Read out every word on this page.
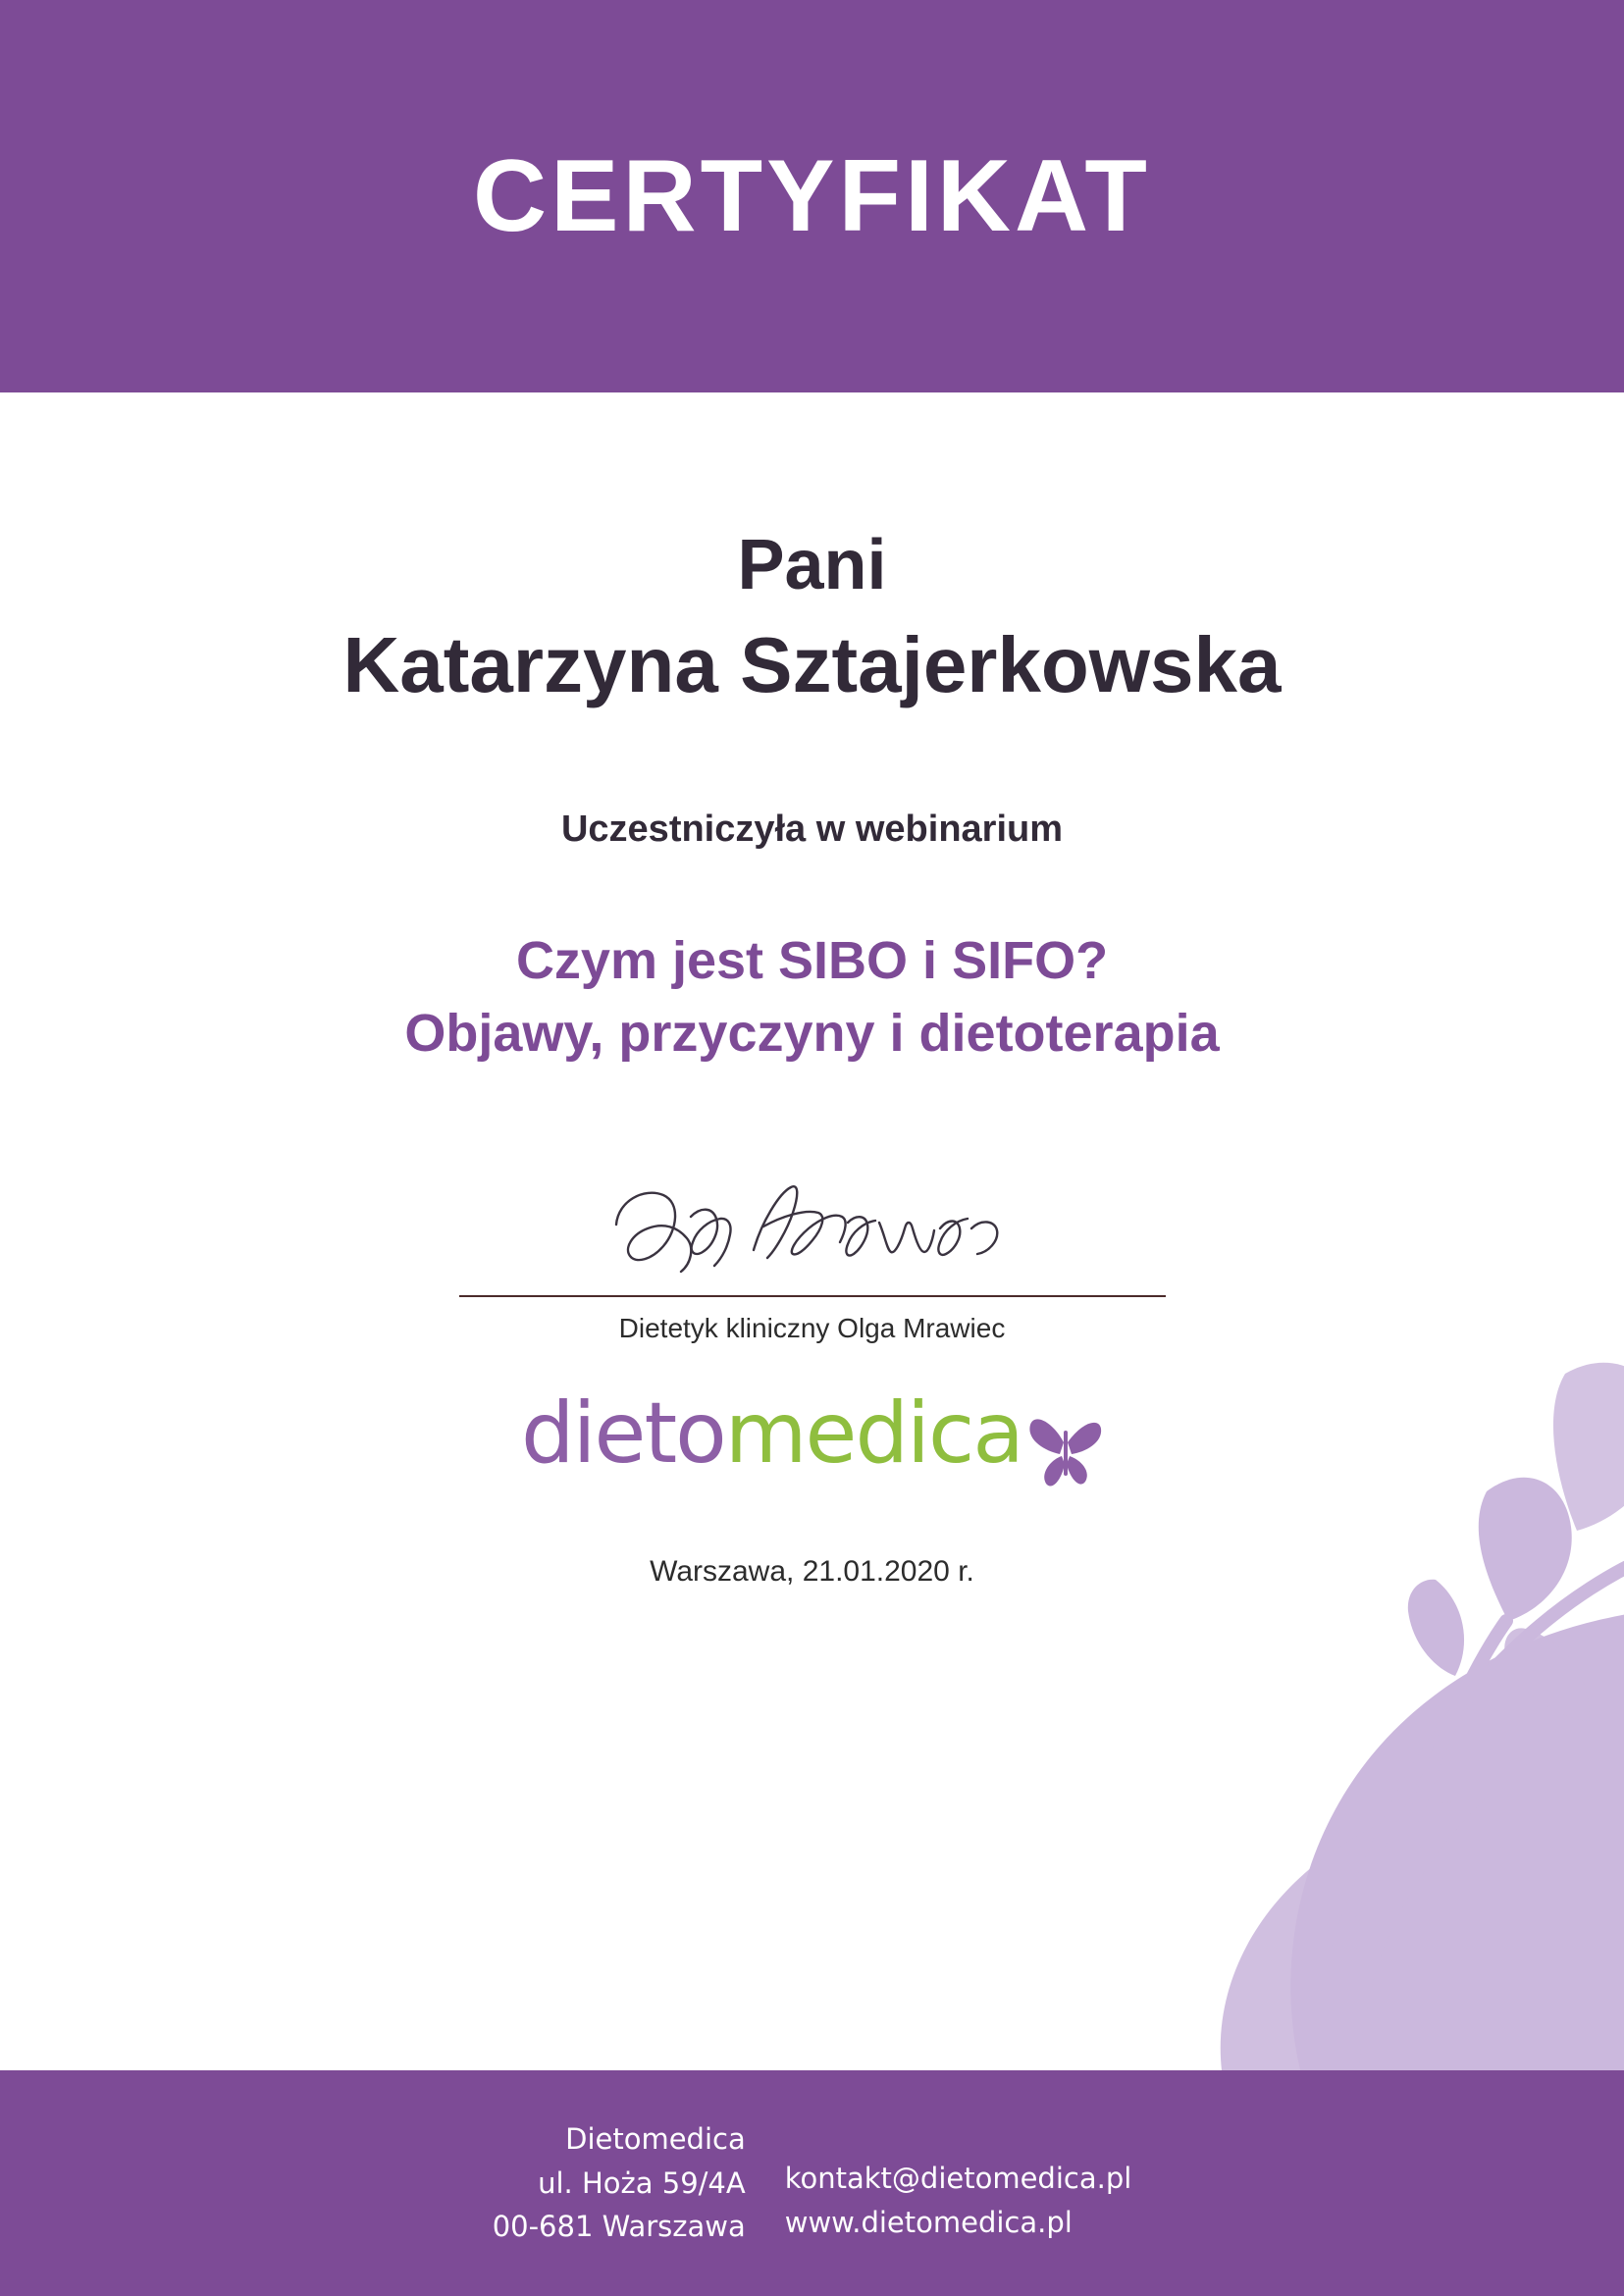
CERTYFIKAT
Pani
Katarzyna Sztajerkowska
Uczestniczyła w webinarium
Czym jest SIBO i SIFO?
Objawy, przyczyny i dietoterapia
Dietetyk kliniczny Olga Mrawiec
dietomedica
Warszawa, 21.01.2020 r.
Dietomedica
ul. Hoża 59/4A
00-681 Warszawa
kontakt@dietomedica.pl
www.dietomedica.pl
